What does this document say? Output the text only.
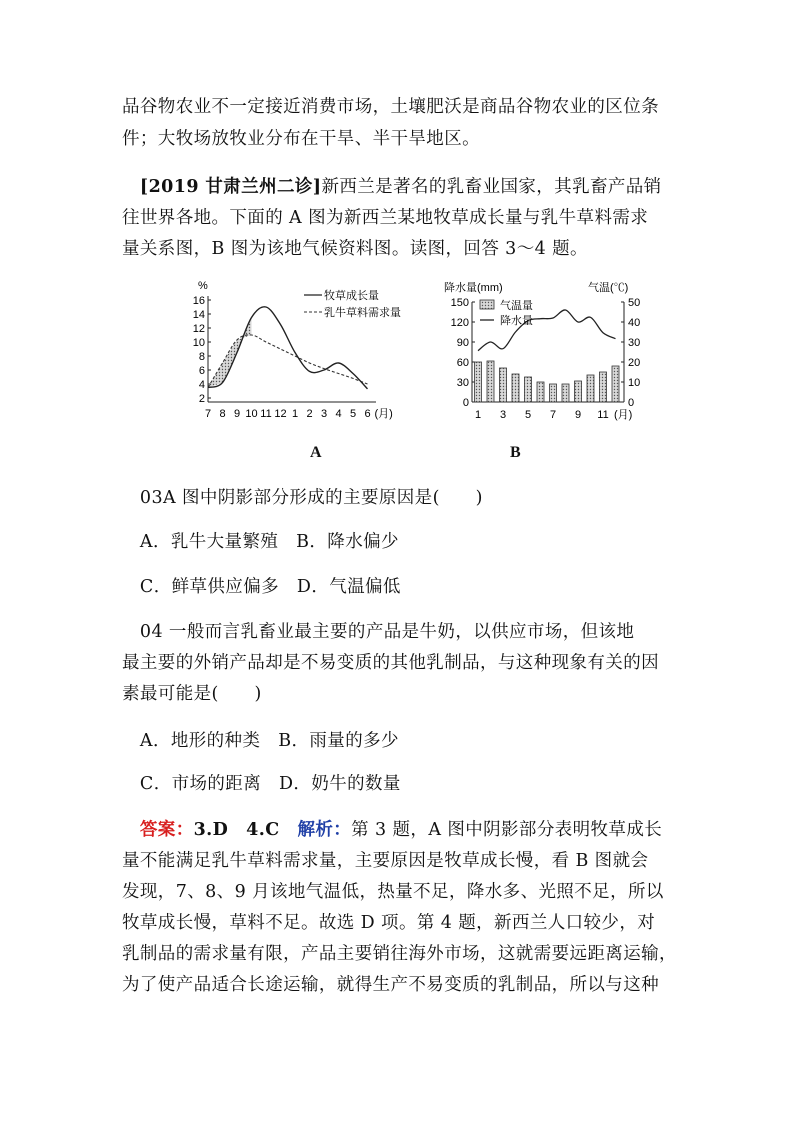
品谷物农业不一定接近消费市场，土壤肥沃是商品谷物农业的区位条

件；大牧场放牧业分布在干旱、半干旱地区。

　[2019 甘肃兰州二诊]新西兰是著名的乳畜业国家，其乳畜产品销

往世界各地。下面的 A 图为新西兰某地牧草成长量与乳牛草料需求

量关系图，B 图为该地气候资料图。读图，回答 3～4 题。

%
2
4
6
8
10
12
14
16
7 8 9 10 11 12 1 2 3 4 5 6 (月)
牧草成长量
乳牛草料需求量
降水量(mm)	气温(℃)
0
30
60
90
120
150
0
10
20
30
40
50
1 3 5 7 9 11 (月)
气温量
降水量
A	B

　03A 图中阴影部分形成的主要原因是(　　)

　A．乳牛大量繁殖　B．降水偏少

　C．鲜草供应偏多　D．气温偏低

　04 一般而言乳畜业最主要的产品是牛奶，以供应市场，但该地

最主要的外销产品却是不易变质的其他乳制品，与这种现象有关的因

素最可能是(　　)

　A．地形的种类　B．雨量的多少

　C．市场的距离　D．奶牛的数量

　答案：3.D　4.C　解析：第 3 题，A 图中阴影部分表明牧草成长

量不能满足乳牛草料需求量，主要原因是牧草成长慢，看 B 图就会

发现，7、8、9 月该地气温低，热量不足，降水多、光照不足，所以

牧草成长慢，草料不足。故选 D 项。第 4 题，新西兰人口较少，对

乳制品的需求量有限，产品主要销往海外市场，这就需要远距离运输，

为了使产品适合长途运输，就得生产不易变质的乳制品，所以与这种
